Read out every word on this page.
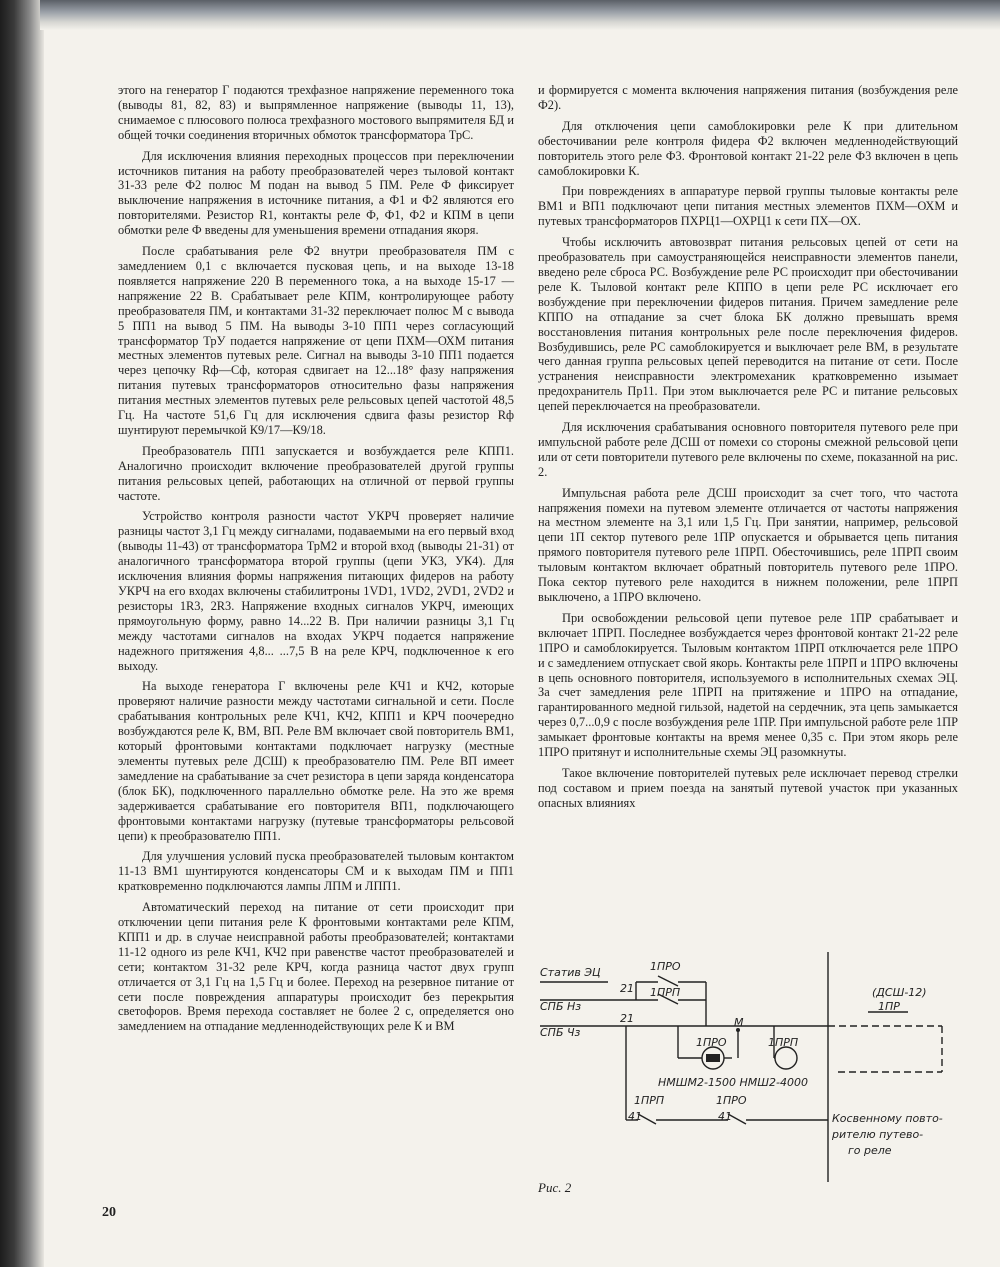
этого на генератор Г подаются трехфазное напряжение переменного тока (выводы 81, 82, 83) и выпрямленное напряжение (выводы 11, 13), снимаемое с плюсового полюса трехфазного мостового выпрямителя БД и общей точки соединения вторичных обмоток трансформатора ТрС.

Для исключения влияния переходных процессов при переключении источников питания на работу преобразователей через тыловой контакт 31-33 реле Ф2 полюс М подан на вывод 5 ПМ. Реле Ф фиксирует выключение напряжения в источнике питания, а Ф1 и Ф2 являются его повторителями. Резистор R1, контакты реле Ф, Ф1, Ф2 и КПМ в цепи обмотки реле Ф введены для уменьшения времени отпадания якоря.

После срабатывания реле Ф2 внутри преобразователя ПМ с замедлением 0,1 с включается пусковая цепь, и на выходе 13-18 появляется напряжение 220 В переменного тока, а на выходе 15-17 — напряжение 22 В. Срабатывает реле КПМ, контролирующее работу преобразователя ПМ, и контактами 31-32 переключает полюс М с вывода 5 ПП1 на вывод 5 ПМ. На выводы 3-10 ПП1 через согласующий трансформатор ТрУ подается напряжение от цепи ПХМ—ОХМ питания местных элементов путевых реле. Сигнал на выводы 3-10 ПП1 подается через цепочку Rф—Сф, которая сдвигает на 12...18° фазу напряжения питания путевых трансформаторов относительно фазы напряжения питания местных элементов путевых реле рельсовых цепей частотой 48,5 Гц. На частоте 51,6 Гц для исключения сдвига фазы резистор Rф шунтируют перемычкой К9/17—К9/18.

Преобразователь ПП1 запускается и возбуждается реле КПП1. Аналогично происходит включение преобразователей другой группы питания рельсовых цепей, работающих на отличной от первой группы частоте.

Устройство контроля разности частот УКРЧ проверяет наличие разницы частот 3,1 Гц между сигналами, подаваемыми на его первый вход (выводы 11-43) от трансформатора ТрМ2 и второй вход (выводы 21-31) от аналогичного трансформатора второй группы (цепи УК3, УК4). Для исключения влияния формы напряжения питающих фидеров на работу УКРЧ на его входах включены стабилитроны 1VD1, 1VD2, 2VD1, 2VD2 и резисторы 1R3, 2R3. Напряжение входных сигналов УКРЧ, имеющих прямоугольную форму, равно 14...22 В. При наличии разницы 3,1 Гц между частотами сигналов на входах УКРЧ подается напряжение надежного притяжения 4,8... ...7,5 В на реле КРЧ, подключенное к его выходу.

На выходе генератора Г включены реле КЧ1 и КЧ2, которые проверяют наличие разности между частотами сигнальной и сети. После срабатывания контрольных реле КЧ1, КЧ2, КПП1 и КРЧ поочередно возбуждаются реле К, ВМ, ВП. Реле ВМ включает свой повторитель ВМ1, который фронтовыми контактами подключает нагрузку (местные элементы путевых реле ДСШ) к преобразователю ПМ. Реле ВП имеет замедление на срабатывание за счет резистора в цепи заряда конденсатора (блок БК), подключенного параллельно обмотке реле. На это же время задерживается срабатывание его повторителя ВП1, подключающего фронтовыми контактами нагрузку (путевые трансформаторы рельсовой цепи) к преобразователю ПП1.

Для улучшения условий пуска преобразователей тыловым контактом 11-13 ВМ1 шунтируются конденсаторы СМ и к выходам ПМ и ПП1 кратковременно подключаются лампы ЛПМ и ЛПП1.

Автоматический переход на питание от сети происходит при отключении цепи питания реле К фронтовыми контактами реле КПМ, КПП1 и др. в случае неисправной работы преобразователей; контактами 11-12 одного из реле КЧ1, КЧ2 при равенстве частот преобразователей и сети; контактом 31-32 реле КРЧ, когда разница частот двух групп отличается от 3,1 Гц на 1,5 Гц и более. Переход на резервное питание от сети после повреждения аппаратуры происходит без перекрытия светофоров. Время перехода составляет не более 2 с, определяется оно замедлением на отпадание медленнодействующих реле К и ВМ

и формируется с момента включения напряжения питания (возбуждения реле Ф2).

Для отключения цепи самоблокировки реле К при длительном обесточивании реле контроля фидера Ф2 включен медленнодействующий повторитель этого реле Ф3. Фронтовой контакт 21-22 реле Ф3 включен в цепь самоблокировки К.

При повреждениях в аппаратуре первой группы тыловые контакты реле ВМ1 и ВП1 подключают цепи питания местных элементов ПХМ—ОХМ и путевых трансформаторов ПХРЦ1—ОХРЦ1 к сети ПХ—ОХ.

Чтобы исключить автовозврат питания рельсовых цепей от сети на преобразователь при самоустраняющейся неисправности элементов панели, введено реле сброса РС. Возбуждение реле РС происходит при обесточивании реле К. Тыловой контакт реле КППО в цепи реле РС исключает его возбуждение при переключении фидеров питания. Причем замедление реле КППО на отпадание за счет блока БК должно превышать время восстановления питания контрольных реле после переключения фидеров. Возбудившись, реле РС самоблокируется и выключает реле ВМ, в результате чего данная группа рельсовых цепей переводится на питание от сети. После устранения неисправности электромеханик кратковременно изымает предохранитель Пр11. При этом выключается реле РС и питание рельсовых цепей переключается на преобразователи.

Для исключения срабатывания основного повторителя путевого реле при импульсной работе реле ДСШ от помехи со стороны смежной рельсовой цепи или от сети повторители путевого реле включены по схеме, показанной на рис. 2.

Импульсная работа реле ДСШ происходит за счет того, что частота напряжения помехи на путевом элементе отличается от частоты напряжения на местном элементе на 3,1 или 1,5 Гц. При занятии, например, рельсовой цепи 1П сектор путевого реле 1ПР опускается и обрывается цепь питания прямого повторителя путевого реле 1ПРП. Обесточившись, реле 1ПРП своим тыловым контактом включает обратный повторитель путевого реле 1ПРО. Пока сектор путевого реле находится в нижнем положении, реле 1ПРП выключено, а 1ПРО включено.

При освобождении рельсовой цепи путевое реле 1ПР срабатывает и включает 1ПРП. Последнее возбуждается через фронтовой контакт 21-22 реле 1ПРО и самоблокируется. Тыловым контактом 1ПРП отключается реле 1ПРО и с замедлением отпускает свой якорь. Контакты реле 1ПРП и 1ПРО включены в цепь основного повторителя, используемого в исполнительных схемах ЭЦ. За счет замедления реле 1ПРП на притяжение и 1ПРО на отпадание, гарантированного медной гильзой, надетой на сердечник, эта цепь замыкается через 0,7...0,9 с после возбуждения реле 1ПР. При импульсной работе реле 1ПР замыкает фронтовые контакты на время менее 0,35 с. При этом якорь реле 1ПРО притянут и исполнительные схемы ЭЦ разомкнуты.

Такое включение повторителей путевых реле исключает перевод стрелки под составом и прием поезда на занятый путевой участок при указанных опасных влияниях

Статив ЭЦ
СПБ Нз
СПБ Чз
1ПРО
1ПРП
21
21	М
1ПРО	1ПРП
НМШМ2-1500 НМШ2-4000
1ПРП	1ПРО
41	41
(ДСШ-12)
1ПР
Косвенному повто-
рителю путево-
го реле
Рис. 2
20
